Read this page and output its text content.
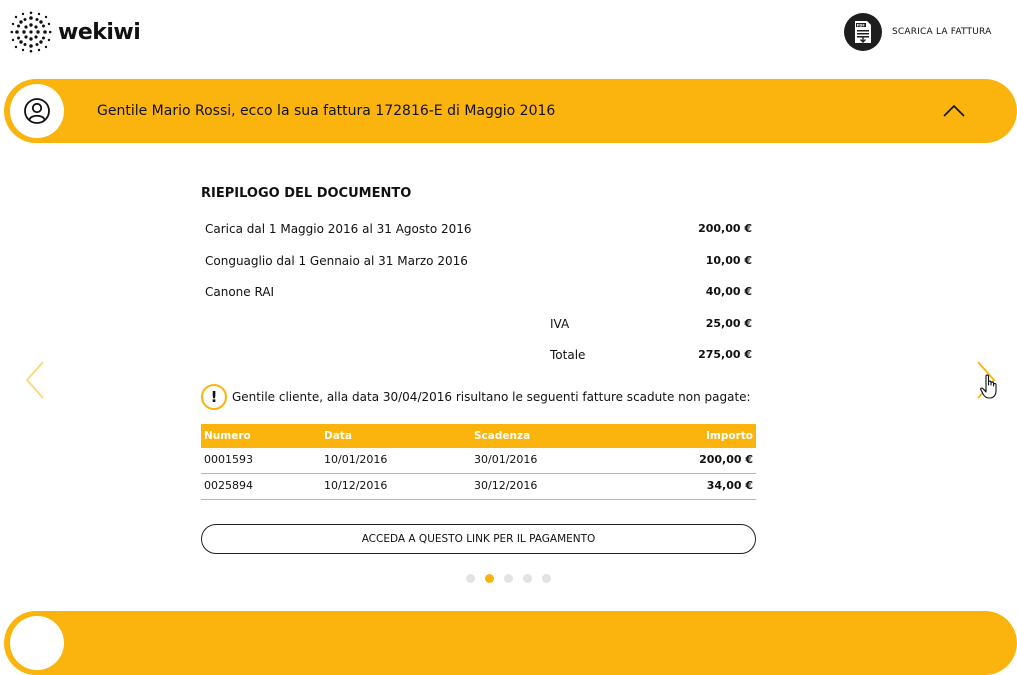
wekiwi	PDF
SCARICA LA FATTURA
Gentile Mario Rossi, ecco la sua fattura 172816-E di Maggio 2016
RIEPILOGO DEL DOCUMENTO
Carica dal 1 Maggio 2016 al 31 Agosto 2016	200,00 €
Conguaglio dal 1 Gennaio al 31 Marzo 2016	10,00 €
Canone RAI	40,00 €
IVA	25,00 €
Totale	275,00 €
!	Gentile cliente, alla data 30/04/2016 risultano le seguenti fatture scadute non pagate:
Numero	Data	Scadenza	Importo
0001593	10/01/2016	30/01/2016	200,00 €
0025894	10/12/2016	30/12/2016	34,00 €
ACCEDA A QUESTO LINK PER IL PAGAMENTO
